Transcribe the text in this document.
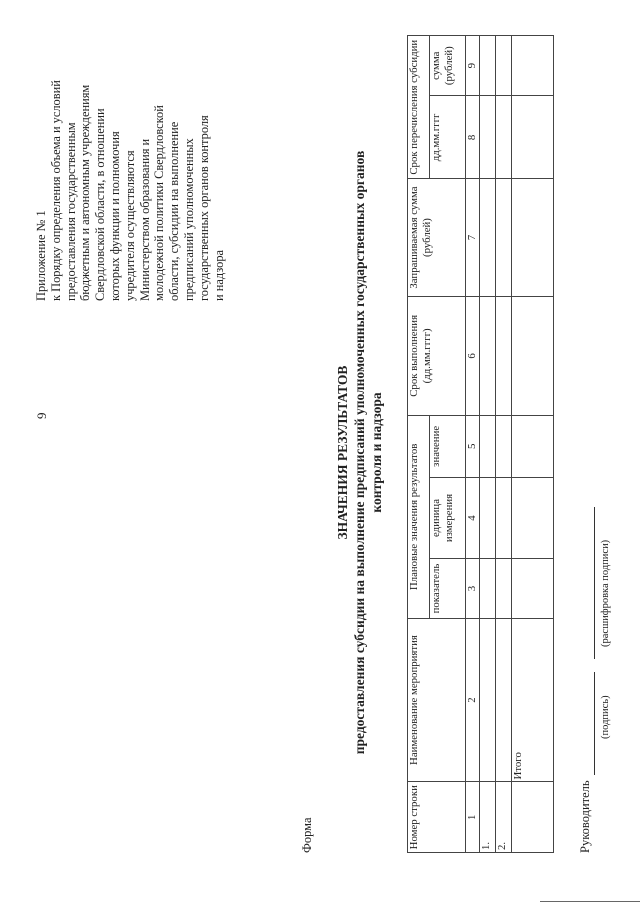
9
Приложение № 1 к Порядку определения объема и условий предоставления государственным бюджетным и автономным учреждениям Свердловской области, в отношении которых функции и полномочия учредителя осуществляются Министерством образования и молодежной политики Свердловской области, субсидии на выполнение предписаний уполномоченных государственных органов контроля и надзора
Форма
ЗНАЧЕНИЯ РЕЗУЛЬТАТОВ предоставления субсидии на выполнение предписаний уполномоченных государственных органов контроля и надзора
Номер строки	Наименование мероприятия	Плановые значения результатов			Срок выполнения (дд.мм.гггг)	Запрашиваемая сумма (рублей)	Срок перечисления субсидии	
		показатель	единица измерения	значение			дд.мм.гггг	сумма (рублей)
1	2	3	4	5	6	7	8	9
1.								
2.								
	Итого							
Руководитель
(подпись)
(расшифровка подписи)
